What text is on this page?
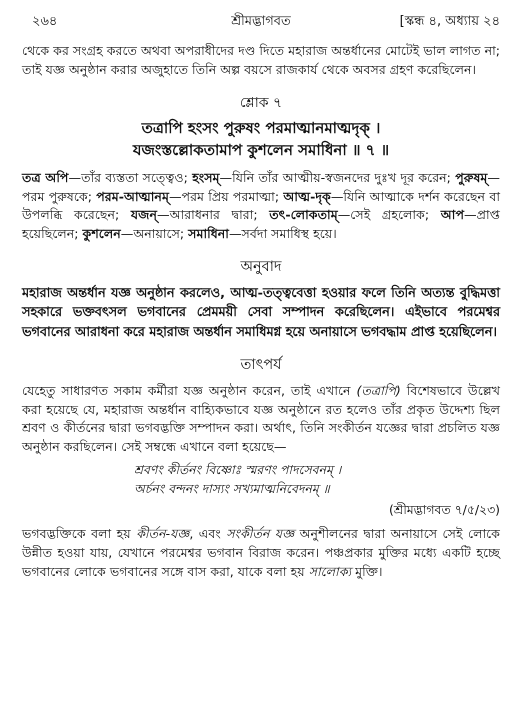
২৬৪	শ্রীমদ্ভাগবত	[স্কন্ধ ৪, অধ্যায় ২৪

থেকে কর সংগ্রহ করতে অথবা অপরাধীদের দণ্ড দিতে মহারাজ অন্তর্ধানের মোটেই ভাল লাগত না; তাই যজ্ঞ অনুষ্ঠান করার অজুহাতে তিনি অল্প বয়সে রাজকার্য থেকে অবসর গ্রহণ করেছিলেন।

শ্লোক ৭
তত্রাপি হংসং পুরুষং পরমাত্মানমাত্মদৃক্ ।
যজংস্তল্লোকতামাপ কুশলেন সমাধিনা ॥ ৭ ॥

তত্র অপি—তাঁর ব্যস্ততা সত্ত্বেও; হংসম্—যিনি তাঁর আত্মীয়-স্বজনদের দুঃখ দূর করেন; পুরুষম্—পরম পুরুষকে; পরম-আত্মানম্—পরম প্রিয় পরমাত্মা; আত্ম-দৃক্—যিনি আত্মাকে দর্শন করেছেন বা উপলব্ধি করেছেন; যজন্—আরাধনার দ্বারা; তৎ-লোকতাম্—সেই গ্রহলোক; আপ—প্রাপ্ত হয়েছিলেন; কুশলেন—অনায়াসে; সমাধিনা—সর্বদা সমাধিস্থ হয়ে।

অনুবাদ

মহারাজ অন্তর্ধান যজ্ঞ অনুষ্ঠান করলেও, আত্ম-তত্ত্ববেত্তা হওয়ার ফলে তিনি অত্যন্ত বুদ্ধিমত্তা সহকারে ভক্তবৎসল ভগবানের প্রেমময়ী সেবা সম্পাদন করেছিলেন। এইভাবে পরমেশ্বর ভগবানের আরাধনা করে মহারাজ অন্তর্ধান সমাধিমগ্ন হয়ে অনায়াসে ভগবদ্ধাম প্রাপ্ত হয়েছিলেন।

তাৎপর্য

যেহেতু সাধারণত সকাম কর্মীরা যজ্ঞ অনুষ্ঠান করেন, তাই এখানে (তত্রাপি) বিশেষভাবে উল্লেখ করা হয়েছে যে, মহারাজ অন্তর্ধান বাহ্যিকভাবে যজ্ঞ অনুষ্ঠানে রত হলেও তাঁর প্রকৃত উদ্দেশ্য ছিল শ্রবণ ও কীর্তনের দ্বারা ভগবদ্ভক্তি সম্পাদন করা। অর্থাৎ, তিনি সংকীর্তন যজ্ঞের দ্বারা প্রচলিত যজ্ঞ অনুষ্ঠান করছিলেন। সেই সম্বন্ধে এখানে বলা হয়েছে—

শ্রবণং কীর্তনং বিষ্ণোঃ স্মরণং পাদসেবনম্ ।
অর্চনং বন্দনং দাস্যং সখ্যমাত্মনিবেদনম্ ॥
(শ্রীমদ্ভাগবত ৭/৫/২৩)

ভগবদ্ভক্তিকে বলা হয় কীর্তন-যজ্ঞ, এবং সংকীর্তন যজ্ঞ অনুশীলনের দ্বারা অনায়াসে সেই লোকে উন্নীত হওয়া যায়, যেখানে পরমেশ্বর ভগবান বিরাজ করেন। পঞ্চপ্রকার মুক্তির মধ্যে একটি হচ্ছে ভগবানের লোকে ভগবানের সঙ্গে বাস করা, যাকে বলা হয় সালোক্য মুক্তি।
